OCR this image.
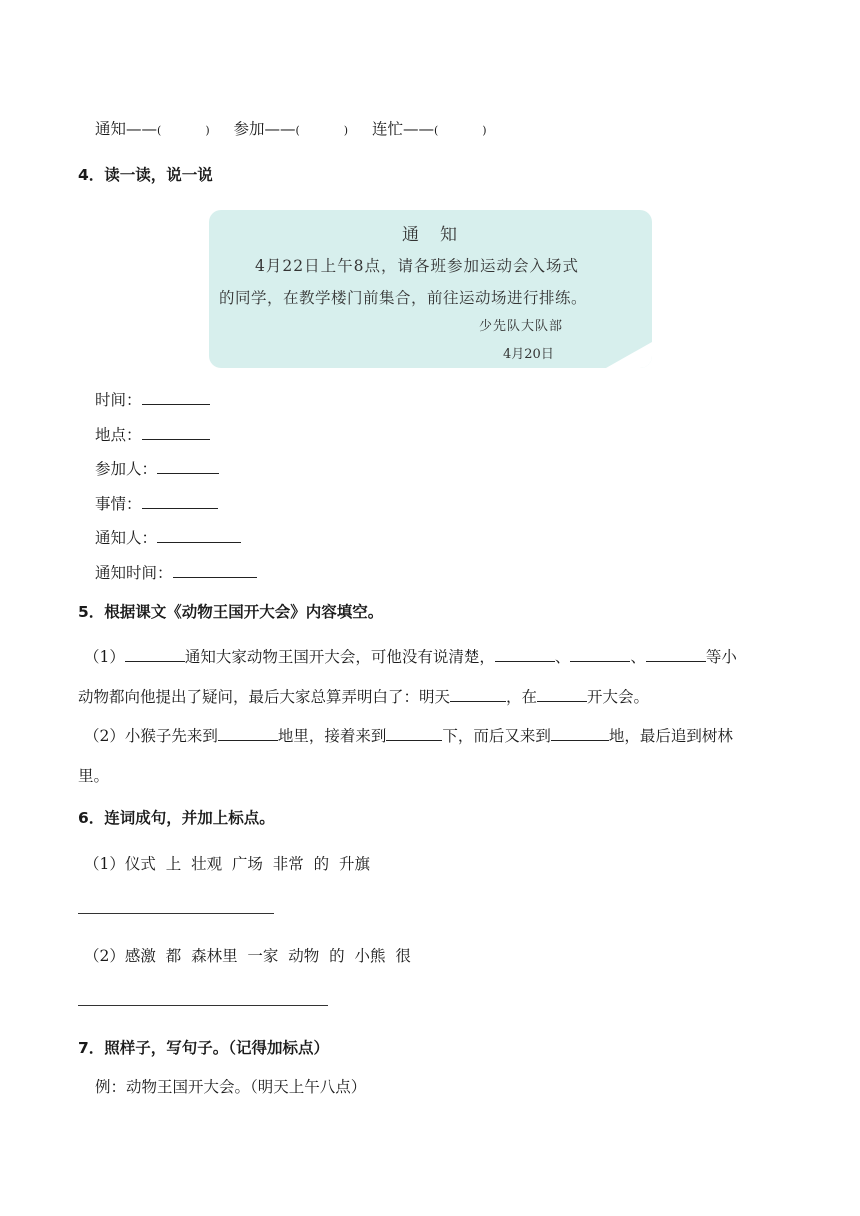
通知——(	) 参加——(	) 连忙——(	)
4．读一读，说一说
通　知
4月22日上午8点，请各班参加运动会入场式
的同学，在教学楼门前集合，前往运动场进行排练。
少先队大队部
4月20日
时间：
地点：
参加人：
事情：
通知人：
通知时间：
5．根据课文《动物王国开大会》内容填空。
（1）	通知大家动物王国开大会，可他没有说清楚，	、	、	等小
动物都向他提出了疑问，最后大家总算弄明白了：明天	，在	开大会。
（2）小猴子先来到	地里，接着来到	下，而后又来到	地，最后追到树林
里。
6．连词成句，并加上标点。
（1）仪式  上  壮观  广场  非常  的  升旗
（2）感激  都  森林里  一家  动物  的  小熊  很
7．照样子，写句子。（记得加标点）
例：动物王国开大会。（明天上午八点）
